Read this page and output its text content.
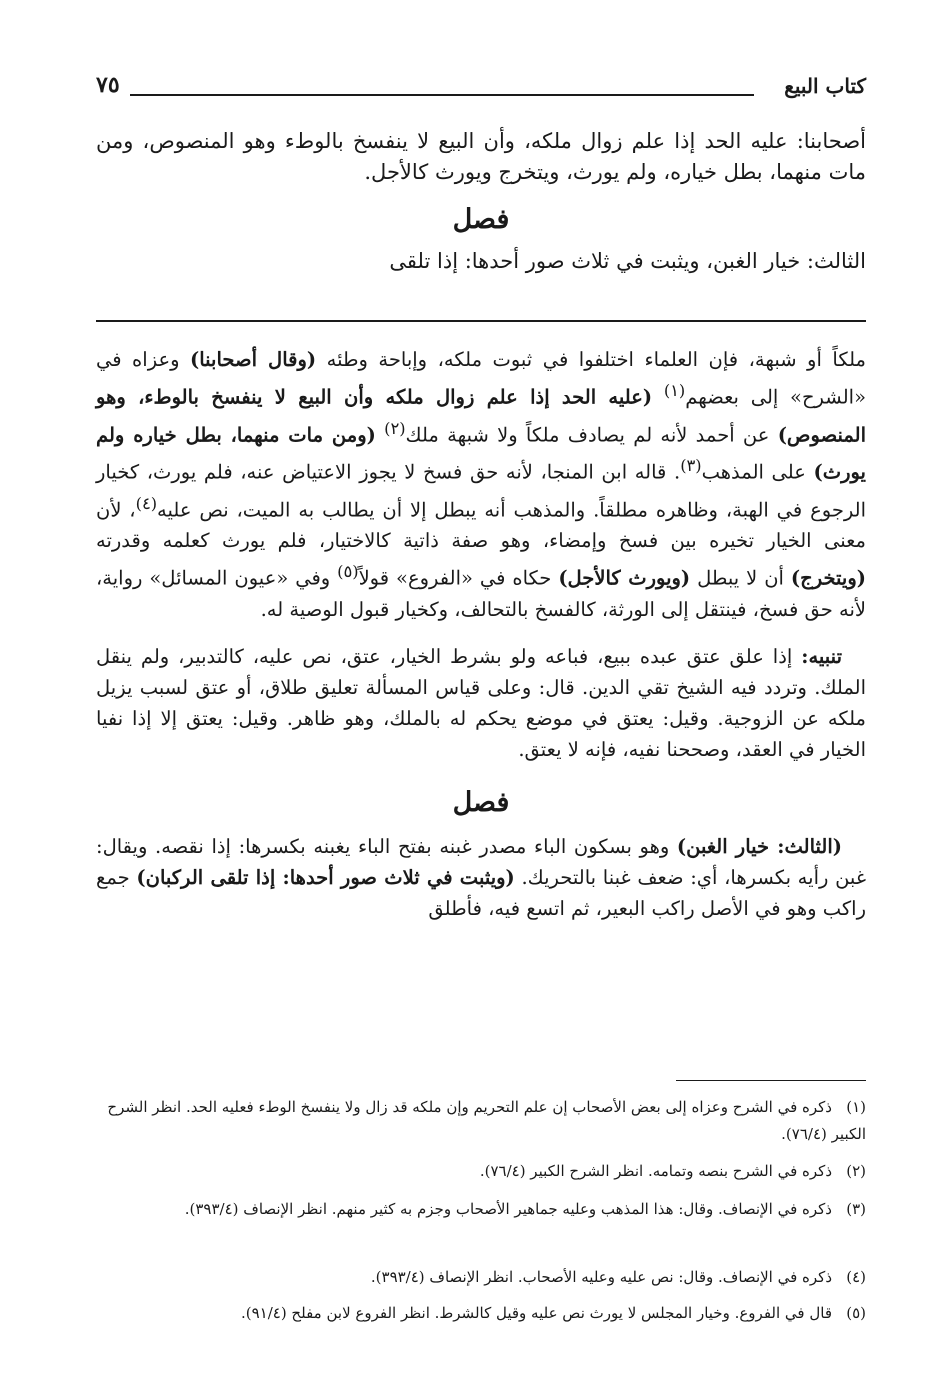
كتاب البيع
٧٥

أصحابنا: عليه الحد إذا علم زوال ملكه، وأن البيع لا ينفسخ بالوطء وهو المنصوص، ومن مات منهما، بطل خياره، ولم يورث، ويتخرج ويورث كالأجل.

فصل

الثالث: خيار الغبن، ويثبت في ثلاث صور أحدها: إذا تلقى

ملكاً أو شبهة، فإن العلماء اختلفوا في ثبوت ملكه، وإباحة وطئه (وقال أصحابنا) وعزاه في «الشرح» إلى بعضهم$^{(١)}$ (عليه الحد إذا علم زوال ملكه وأن البيع لا ينفسخ بالوطء، وهو المنصوص) عن أحمد لأنه لم يصادف ملكاً ولا شبهة ملك$^{(٢)}$ (ومن مات منهما، بطل خياره ولم يورث) على المذهب$^{(٣)}$. قاله ابن المنجا، لأنه حق فسخ لا يجوز الاعتياض عنه، فلم يورث، كخيار الرجوع في الهبة، وظاهره مطلقاً. والمذهب أنه يبطل إلا أن يطالب به الميت، نص عليه$^{(٤)}$، لأن معنى الخيار تخيره بين فسخ وإمضاء، وهو صفة ذاتية كالاختيار، فلم يورث كعلمه وقدرته (ويتخرج) أن لا يبطل (ويورث كالأجل) حكاه في «الفروع» قولاً$^{(٥)}$ وفي «عيون المسائل» رواية، لأنه حق فسخ، فينتقل إلى الورثة، كالفسخ بالتحالف، وكخيار قبول الوصية له.

تنبيه: إذا علق عتق عبده ببيع، فباعه ولو بشرط الخيار، عتق، نص عليه، كالتدبير، ولم ينقل الملك. وتردد فيه الشيخ تقي الدين. قال: وعلى قياس المسألة تعليق طلاق، أو عتق لسبب يزيل ملكه عن الزوجية. وقيل: يعتق في موضع يحكم له بالملك، وهو ظاهر. وقيل: يعتق إلا إذا نفيا الخيار في العقد، وصححنا نفيه، فإنه لا يعتق.

فصل

(الثالث: خيار الغبن) وهو بسكون الباء مصدر غبنه بفتح الباء يغبنه بكسرها: إذا نقصه. ويقال: غبن رأيه بكسرها، أي: ضعف غبنا بالتحريك. (ويثبت في ثلاث صور أحدها: إذا تلقى الركبان) جمع راكب وهو في الأصل راكب البعير، ثم اتسع فيه، فأطلق

(١)ذكره في الشرح وعزاه إلى بعض الأصحاب إن علم التحريم وإن ملكه قد زال ولا ينفسخ الوطء فعليه الحد. انظر الشرح الكبير (٧٦/٤).

(٢)ذكره في الشرح بنصه وتمامه. انظر الشرح الكبير (٧٦/٤).

(٣)ذكره في الإنصاف. وقال: هذا المذهب وعليه جماهير الأصحاب وجزم به كثير منهم. انظر الإنصاف (٣٩٣/٤).

(٤)ذكره في الإنصاف. وقال: نص عليه وعليه الأصحاب. انظر الإنصاف (٣٩٣/٤).

(٥)قال في الفروع. وخيار المجلس لا يورث نص عليه وقيل كالشرط. انظر الفروع لابن مفلح (٩١/٤).
